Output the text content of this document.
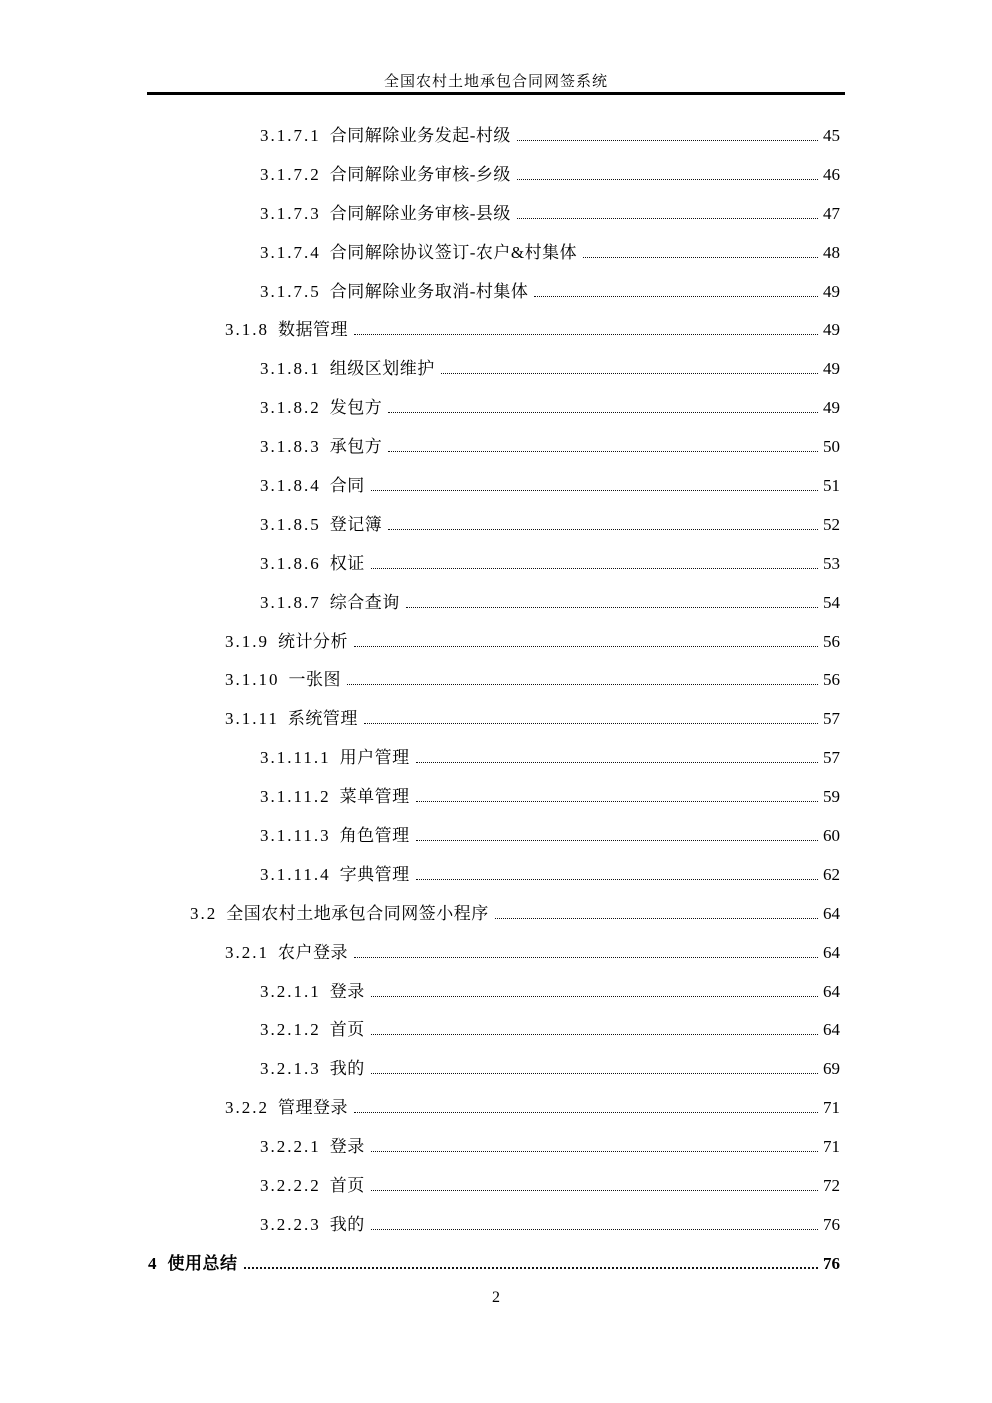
全国农村土地承包合同网签系统
3.1.7.1 合同解除业务发起-村级	45
3.1.7.2 合同解除业务审核-乡级	46
3.1.7.3 合同解除业务审核-县级	47
3.1.7.4 合同解除协议签订-农户&村集体	48
3.1.7.5 合同解除业务取消-村集体	49
3.1.8 数据管理	49
3.1.8.1 组级区划维护	49
3.1.8.2 发包方	49
3.1.8.3 承包方	50
3.1.8.4 合同	51
3.1.8.5 登记簿	52
3.1.8.6 权证	53
3.1.8.7 综合查询	54
3.1.9 统计分析	56
3.1.10 一张图	56
3.1.11 系统管理	57
3.1.11.1 用户管理	57
3.1.11.2 菜单管理	59
3.1.11.3 角色管理	60
3.1.11.4 字典管理	62
3.2 全国农村土地承包合同网签小程序	64
3.2.1 农户登录	64
3.2.1.1 登录	64
3.2.1.2 首页	64
3.2.1.3 我的	69
3.2.2 管理登录	71
3.2.2.1 登录	71
3.2.2.2 首页	72
3.2.2.3 我的	76
4 使用总结	76
2
